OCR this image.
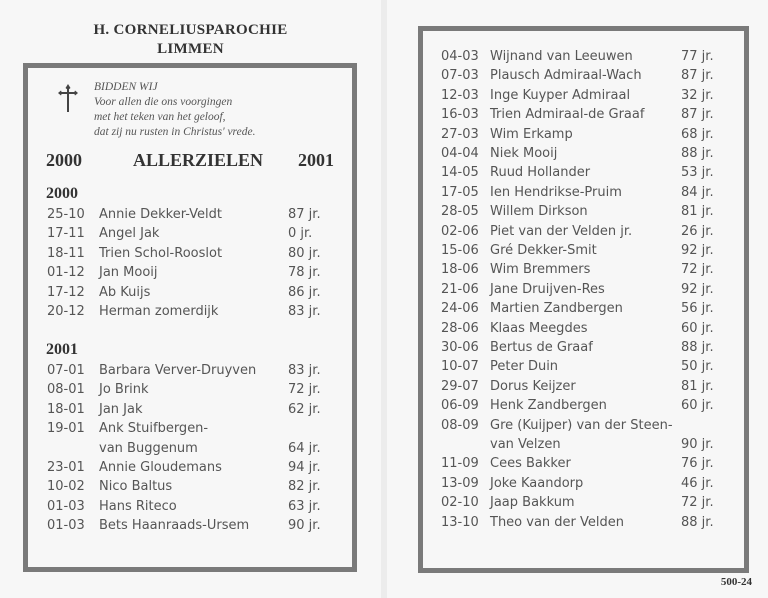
H. CORNELIUSPAROCHIE
LIMMEN
BIDDEN WIJ
Voor allen die ons voorgingen
met het teken van het geloof,
dat zij nu rusten in Christus' vrede.
2000	ALLERZIELEN 2001
2000
25-10 Annie Dekker-Veldt	87 jr.
17-11 Angel Jak	0 jr.
18-11 Trien Schol-Rooslot	80 jr.
01-12 Jan Mooij	78 jr.
17-12 Ab Kuijs	86 jr.
20-12 Herman zomerdijk	83 jr.
2001
07-01 Barbara Verver-Druyven 83 jr.
08-01 Jo Brink	72 jr.
18-01 Jan Jak	62 jr.
19-01 Ank Stuifbergen-
van Buggenum	64 jr.
23-01 Annie Gloudemans	94 jr.
10-02 Nico Baltus	82 jr.
01-03 Hans Riteco	63 jr.
01-03 Bets Haanraads-Ursem	90 jr.
04-03 Wijnand van Leeuwen	77 jr.
07-03 Plausch Admiraal-Wach	87 jr.
12-03 Inge Kuyper Admiraal	32 jr.
16-03 Trien Admiraal-de Graaf	87 jr.
27-03 Wim Erkamp	68 jr.
04-04 Niek Mooij	88 jr.
14-05 Ruud Hollander	53 jr.
17-05 Ien Hendrikse-Pruim	84 jr.
28-05 Willem Dirkson	81 jr.
02-06 Piet van der Velden jr.	26 jr.
15-06 Gré Dekker-Smit	92 jr.
18-06 Wim Bremmers	72 jr.
21-06 Jane Druijven-Res	92 jr.
24-06 Martien Zandbergen	56 jr.
28-06 Klaas Meegdes	60 jr.
30-06 Bertus de Graaf	88 jr.
10-07 Peter Duin	50 jr.
29-07 Dorus Keijzer	81 jr.
06-09 Henk Zandbergen	60 jr.
08-09 Gre (Kuijper) van der Steen-
van Velzen	90 jr.
11-09 Cees Bakker	76 jr.
13-09 Joke Kaandorp	46 jr.
02-10 Jaap Bakkum	72 jr.
13-10 Theo van der Velden	88 jr.
500-24
